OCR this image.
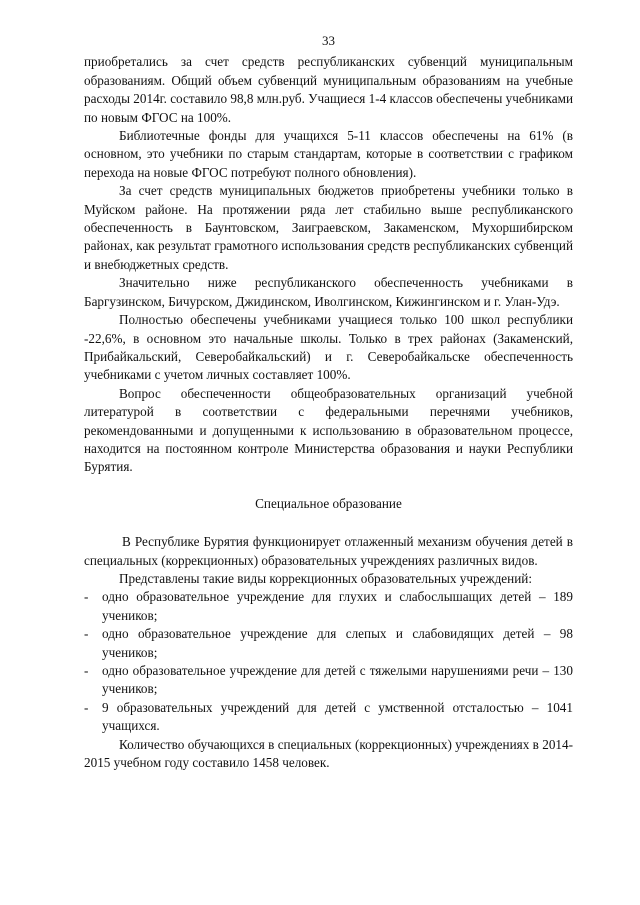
33

приобретались за счет средств республиканских субвенций муниципальным образованиям. Общий объем субвенций муниципальным образованиям на учебные расходы 2014г. составило 98,8 млн.руб. Учащиеся 1-4 классов обеспечены учебниками по новым ФГОС на 100%.

Библиотечные фонды для учащихся 5-11 классов обеспечены на 61% (в основном, это учебники по старым стандартам, которые в соответствии с графиком перехода на новые ФГОС потребуют полного обновления).

За счет средств муниципальных бюджетов приобретены учебники только в Муйском районе. На протяжении ряда лет стабильно выше республиканского обеспеченность в Баунтовском, Заиграевском, Закаменском, Мухоршибирском районах, как результат грамотного использования средств республиканских субвенций и внебюджетных средств.

Значительно ниже республиканского обеспеченность учебниками в Баргузинском, Бичурском, Джидинском, Иволгинском, Кижингинском и г. Улан-Удэ.

Полностью обеспечены учебниками учащиеся только 100 школ республики -22,6%, в основном это начальные школы. Только в трех районах (Закаменский, Прибайкальский, Северобайкальский) и г. Северобайкальске обеспеченность учебниками с учетом личных составляет 100%.

Вопрос обеспеченности общеобразовательных организаций учебной литературой в соответствии с федеральными перечнями учебников, рекомендованными и допущенными к использованию в образовательном процессе, находится на постоянном контроле Министерства образования и науки Республики Бурятия.

Специальное образование

В Республике Бурятия функционирует отлаженный механизм обучения детей в специальных (коррекционных) образовательных учреждениях различных видов.

Представлены такие виды коррекционных образовательных учреждений:

- одно образовательное учреждение для глухих и слабослышащих детей – 189 учеников;
- одно образовательное учреждение для слепых и слабовидящих детей – 98 учеников;
- одно образовательное учреждение для детей с тяжелыми нарушениями речи – 130 учеников;
- 9 образовательных учреждений для детей с умственной отсталостью – 1041 учащихся.

Количество обучающихся в специальных (коррекционных) учреждениях в 2014-2015 учебном году составило 1458 человек.
